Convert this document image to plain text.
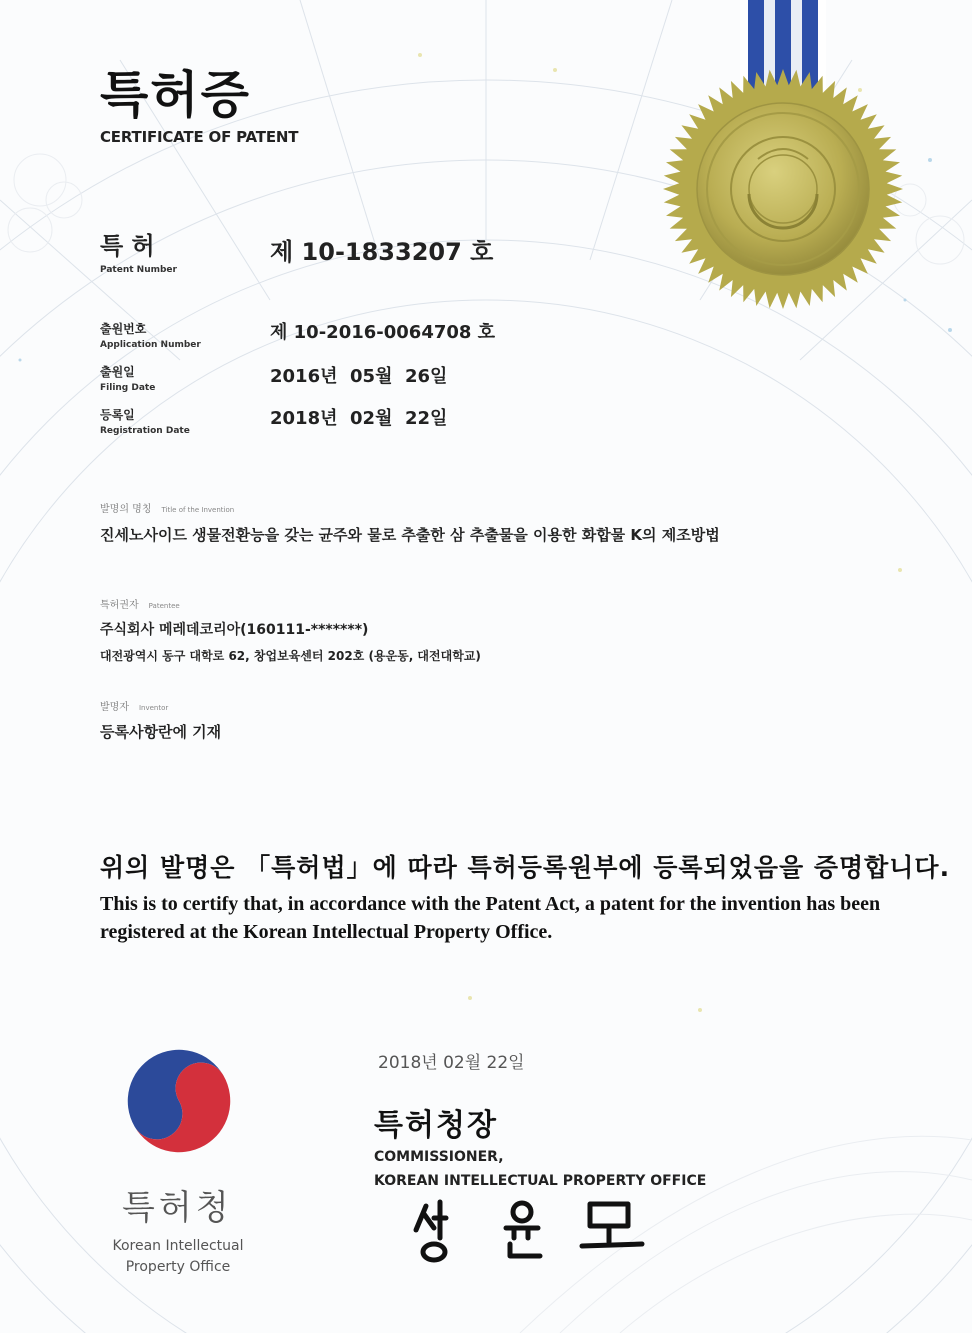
특허증
CERTIFICATE OF PATENT
특 허
Patent Number
제 10-1833207 호
출원번호
Application Number
제 10-2016-0064708 호
출원일
Filing Date
2016년  05월  26일
등록일
Registration Date
2018년  02월  22일
발명의 명칭 Title of the Invention
진세노사이드 생물전환능을 갖는 균주와 물로 추출한 삼 추출물을 이용한 화합물 K의 제조방법
특허권자 Patentee
주식회사 메레데코리아(160111-*******)
대전광역시 동구 대학로 62, 창업보육센터 202호 (용운동, 대전대학교)
발명자 Inventor
등록사항란에 기재
위의 발명은 「특허법」에 따라 특허등록원부에 등록되었음을 증명합니다.
This is to certify that, in accordance with the Patent Act, a patent for the invention has been registered at the Korean Intellectual Property Office.
특허청
Korean Intellectual
Property Office
2018년 02월 22일
특허청장
COMMISSIONER,
KOREAN INTELLECTUAL PROPERTY OFFICE
